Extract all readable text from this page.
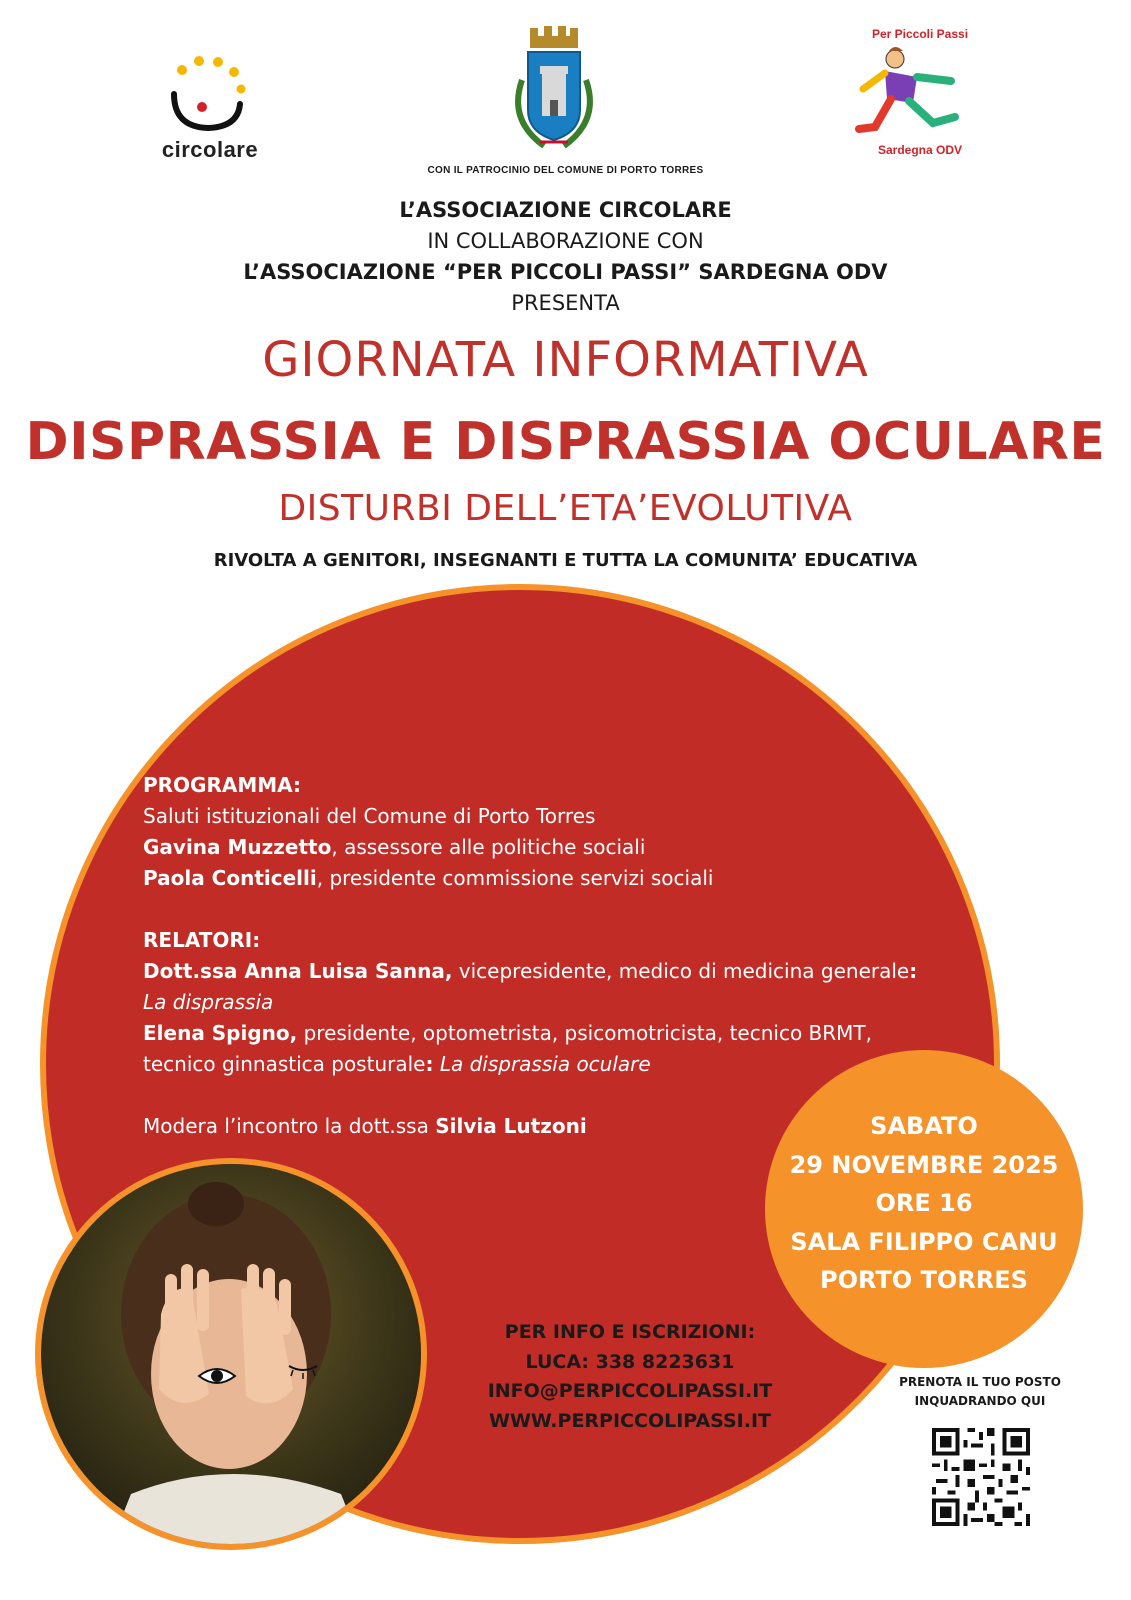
circolare
CON IL PATROCINIO DEL COMUNE DI PORTO TORRES
Per Piccoli Passi
Sardegna ODV
L’ASSOCIAZIONE CIRCOLARE
IN COLLABORAZIONE CON
L’ASSOCIAZIONE “PER PICCOLI PASSI” SARDEGNA ODV
PRESENTA
GIORNATA INFORMATIVA
DISPRASSIA E DISPRASSIA OCULARE
DISTURBI DELL’ETA’EVOLUTIVA
RIVOLTA A GENITORI, INSEGNANTI E TUTTA LA COMUNITA’ EDUCATIVA
PROGRAMMA:
Saluti istituzionali del Comune di Porto Torres
Gavina Muzzetto, assessore alle politiche sociali
Paola Conticelli, presidente commissione servizi sociali
RELATORI:
Dott.ssa Anna Luisa Sanna, vicepresidente, medico di medicina generale:
La disprassia
Elena Spigno, presidente, optometrista, psicomotricista, tecnico BRMT,
tecnico ginnastica posturale: La disprassia oculare
Modera l’incontro la dott.ssa Silvia Lutzoni	SABATO
29 NOVEMBRE 2025
ORE 16
SALA FILIPPO CANU
PORTO TORRES
PER INFO E ISCRIZIONI:
LUCA: 338 8223631
INFO@PERPICCOLIPASSI.IT
WWW.PERPICCOLIPASSI.IT
PRENOTA IL TUO POSTO
INQUADRANDO QUI
